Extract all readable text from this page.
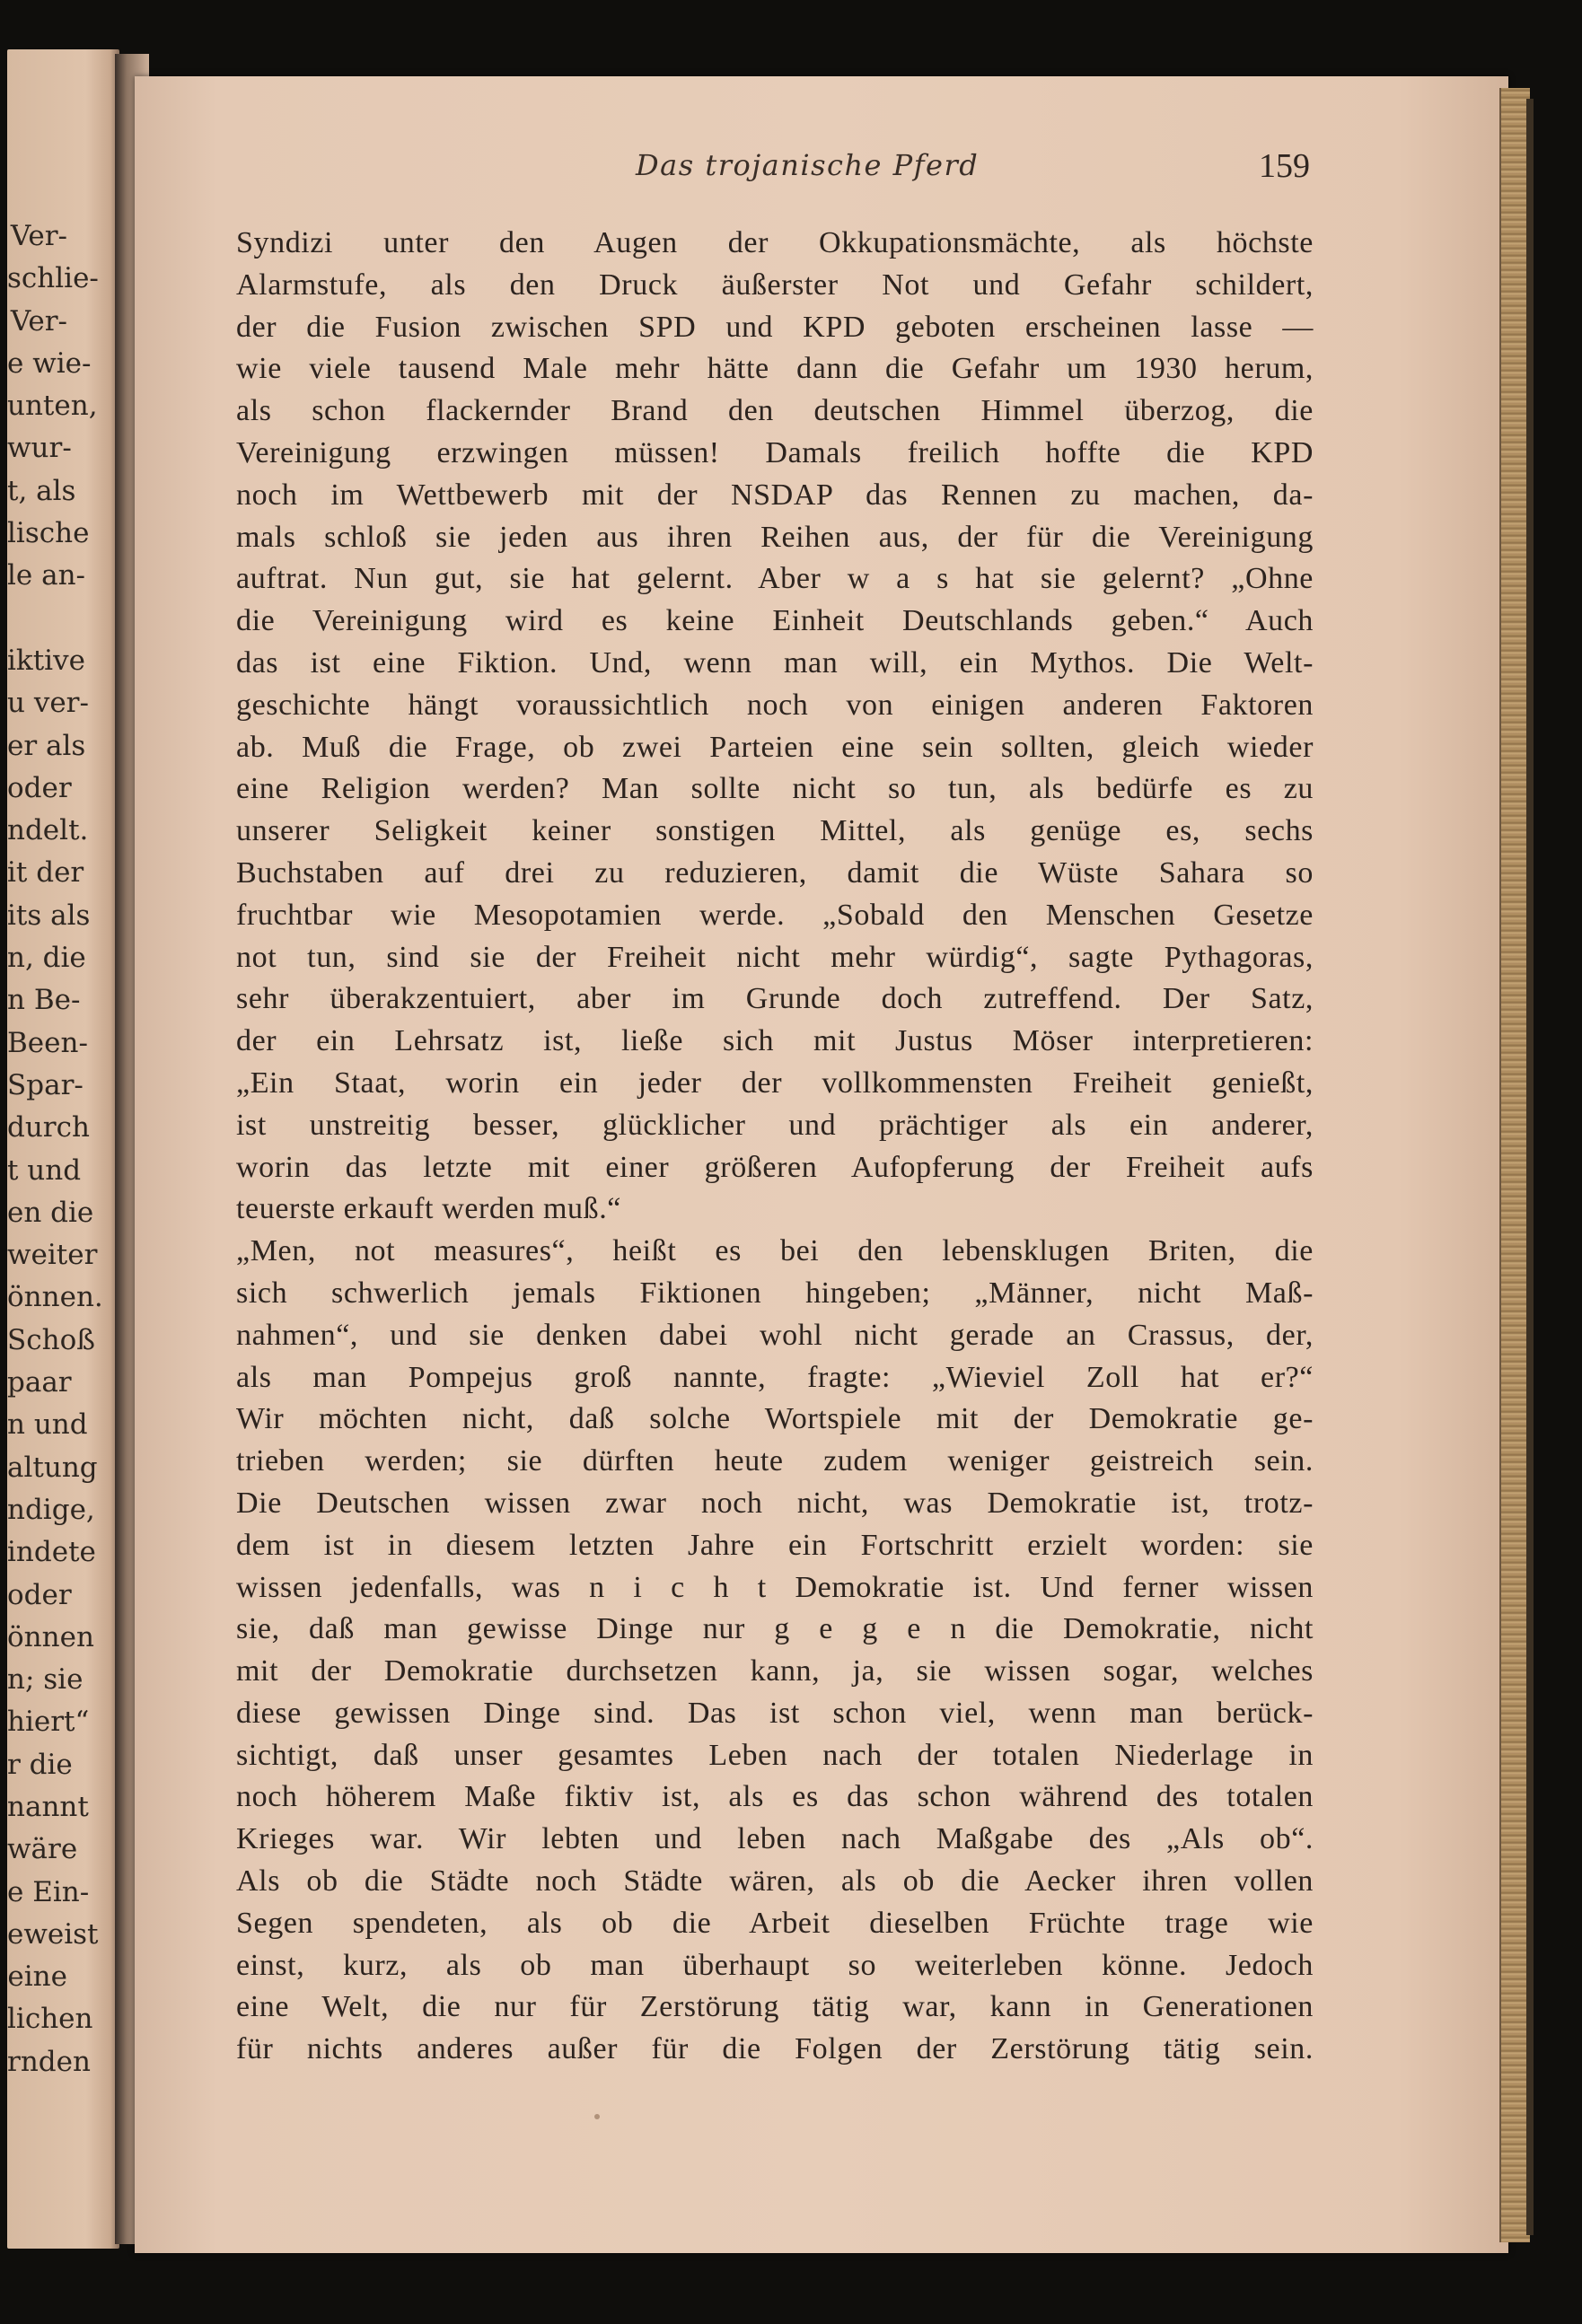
Ver-
schlie-
Ver-
e wie-
unten,
wur-
t, als
lische
le an-
iktive
u ver-
er als
oder
ndelt.
it der
its als
n, die
n Be-
Been-
Spar-
durch
t und
en die
weiter
önnen.
Schoß
paar
n und
altung
ndige,
indete
oder
önnen
n; sie
hiert“
r die
nannt
wäre
e Ein-
eweist
eine
lichen
rnden
Das trojanische Pferd	159
Syndizi unter den Augen der Okkupationsmächte, als höchste
Alarmstufe, als den Druck äußerster Not und Gefahr schildert,
der die Fusion zwischen SPD und KPD geboten erscheinen lasse —
wie viele tausend Male mehr hätte dann die Gefahr um 1930 herum,
als schon flackernder Brand den deutschen Himmel überzog, die
Vereinigung erzwingen müssen! Damals freilich hoffte die KPD
noch im Wettbewerb mit der NSDAP das Rennen zu machen, da-
mals schloß sie jeden aus ihren Reihen aus, der für die Vereinigung
auftrat. Nun gut, sie hat gelernt. Aber w a s hat sie gelernt? „Ohne
die Vereinigung wird es keine Einheit Deutschlands geben.“ Auch
das ist eine Fiktion. Und, wenn man will, ein Mythos. Die Welt-
geschichte hängt voraussichtlich noch von einigen anderen Faktoren
ab. Muß die Frage, ob zwei Parteien eine sein sollten, gleich wieder
eine Religion werden? Man sollte nicht so tun, als bedürfe es zu
unserer Seligkeit keiner sonstigen Mittel, als genüge es, sechs
Buchstaben auf drei zu reduzieren, damit die Wüste Sahara so
fruchtbar wie Mesopotamien werde. „Sobald den Menschen Gesetze
not tun, sind sie der Freiheit nicht mehr würdig“, sagte Pythagoras,
sehr überakzentuiert, aber im Grunde doch zutreffend. Der Satz,
der ein Lehrsatz ist, ließe sich mit Justus Möser interpretieren:
„Ein Staat, worin ein jeder der vollkommensten Freiheit genießt,
ist unstreitig besser, glücklicher und prächtiger als ein anderer,
worin das letzte mit einer größeren Aufopferung der Freiheit aufs
teuerste erkauft werden muß.“
„Men, not measures“, heißt es bei den lebensklugen Briten, die
sich schwerlich jemals Fiktionen hingeben; „Männer, nicht Maß-
nahmen“, und sie denken dabei wohl nicht gerade an Crassus, der,
als man Pompejus groß nannte, fragte: „Wieviel Zoll hat er?“
Wir möchten nicht, daß solche Wortspiele mit der Demokratie ge-
trieben werden; sie dürften heute zudem weniger geistreich sein.
Die Deutschen wissen zwar noch nicht, was Demokratie ist, trotz-
dem ist in diesem letzten Jahre ein Fortschritt erzielt worden: sie
wissen jedenfalls, was n i c h t Demokratie ist. Und ferner wissen
sie, daß man gewisse Dinge nur g e g e n die Demokratie, nicht
mit der Demokratie durchsetzen kann, ja, sie wissen sogar, welches
diese gewissen Dinge sind. Das ist schon viel, wenn man berück-
sichtigt, daß unser gesamtes Leben nach der totalen Niederlage in
noch höherem Maße fiktiv ist, als es das schon während des totalen
Krieges war. Wir lebten und leben nach Maßgabe des „Als ob“.
Als ob die Städte noch Städte wären, als ob die Aecker ihren vollen
Segen spendeten, als ob die Arbeit dieselben Früchte trage wie
einst, kurz, als ob man überhaupt so weiterleben könne. Jedoch
eine Welt, die nur für Zerstörung tätig war, kann in Generationen
für nichts anderes außer für die Folgen der Zerstörung tätig sein.
